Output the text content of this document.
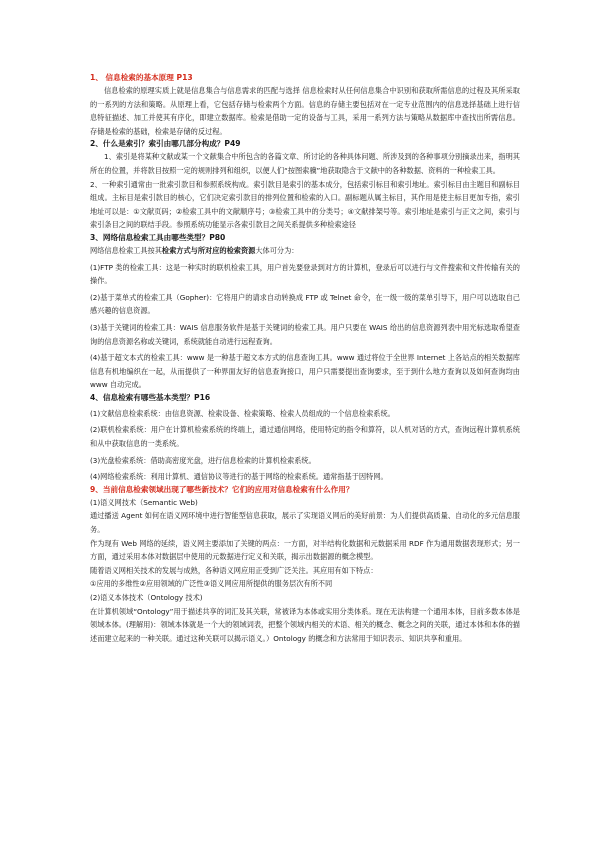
1、 信息检索的基本原理 P13

信息检索的原理实质上就是信息集合与信息需求的匹配与选择 信息检索时从任何信息集合中识别和获取所需信息的过程及其所采取的一系列的方法和策略。从原理上看，它包括存储与检索两个方面。信息的存储主要包括对在一定专业范围内的信息选择基础上进行信息特征描述、加工并使其有序化，即建立数据库。检索是借助一定的设备与工具，采用一系列方法与策略从数据库中查找出所需信息。存储是检索的基础，检索是存储的反过程。

2、什么是索引？索引由哪几部分构成？P49

1、索引是将某种文献或某一个文献集合中所包含的各篇文章、所讨论的各种具体问题、所涉及到的各种事项分别摘录出来，指明其所在的位置，并将款目按照一定的规则排列和组织，以便人们“按图索骥”地获取隐含于文献中的各种数据、资料的一种检索工具。

2、一种索引通常由一批索引款目和参照系统构成。索引款目是索引的基本成分，包括索引标目和索引地址。索引标目由主题目和副标目组成。主标目是索引款目的核心，它们决定索引款目的排列位置和检索的入口。副标题从属主标目，其作用是使主标目更加专指，索引地址可以是：①文献页码；②检索工具中的文献顺序号；③检索工具中的分类号；④文献排架号等。索引地址是索引与正文之间，索引与索引条目之间的联结手段。参照系统功能显示各索引款目之间关系提供多种检索途径

3、网络信息检索工具由哪些类型？P80

网络信息检索工具按其检索方式与所对应的检索资源大体可分为：

(1)FTP 类的检索工具：这是一种实时的联机检索工具，用户首先要登录到对方的计算机，登录后可以进行与文件搜索和文件传输有关的操作。

(2)基于菜单式的检索工具（Gopher)：它将用户的请求自动转换成 FTP 或 Telnet 命令，在一级一级的菜单引导下，用户可以选取自己感兴趣的信息资源。

(3)基于关键词的检索工具：WAIS 信息服务软件是基于关键词的检索工具。用户只要在 WAIS 给出的信息资源列表中用光标选取希望查询的信息资源名称或关键词，系统就能自动进行远程查询。

(4)基于超文本式的检索工具：www 是一种基于超文本方式的信息查询工具。www 通过将位于全世界 Internet 上各站点的相关数据库信息有机地编织在一起，从而提供了一种界面友好的信息查询接口，用户只需要提出查询要求，至于到什么地方查询以及如何查询均由 www 自动完成。

4、信息检索有哪些基本类型？P16

(1)文献信息检索系统：由信息资源、检索设备、检索策略、检索人员组成的一个信息检索系统。

(2)联机检索系统：用户在计算机检索系统的终端上，通过通信网络，使用特定的指令和算符，以人机对话的方式，查询远程计算机系统和从中获取信息的一类系统。

(3)光盘检索系统：借助高密度光盘，进行信息检索的计算机检索系统。

(4)网络检索系统：利用计算机、通信协议等进行的基于网络的检索系统。通常指基于因特网。

9、当前信息检索领域出现了哪些新技术？它们的应用对信息检索有什么作用？

(1)语义网技术（Semantic Web)

通过播送 Agent 如何在语义网环境中进行智能型信息获取，展示了实现语义网后的美好前景：为人们提供高质量、自动化的多元信息服务。

作为现有 Web 网络的延续，语义网主要添加了关键的两点：一方面，对半结构化数据和元数据采用 RDF 作为通用数据表现形式；另一方面，通过采用本体对数据层中使用的元数据进行定义和关联，揭示出数据源的概念模型。

随着语义网相关技术的发展与成熟，各种语义网应用正受到广泛关注。其应用有如下特点：

①应用的多维性②应用领域的广泛性③语义网应用所提供的服务层次有所不同

(2)语义本体技术（Ontology 技术)

在计算机领域“Ontology”用于描述共享的词汇及其关联，常被译为本体或实用分类体系。现在无法构建一个通用本体，目前多数本体是领域本体。(理解用)：领域本体就是一个大的领域词表，把整个领域内相关的术语、相关的概念、概念之间的关联，通过本体和本体的描述而建立起来的一种关联。通过这种关联可以揭示语义。）Ontology 的概念和方法常用于知识表示、知识共享和重用。
